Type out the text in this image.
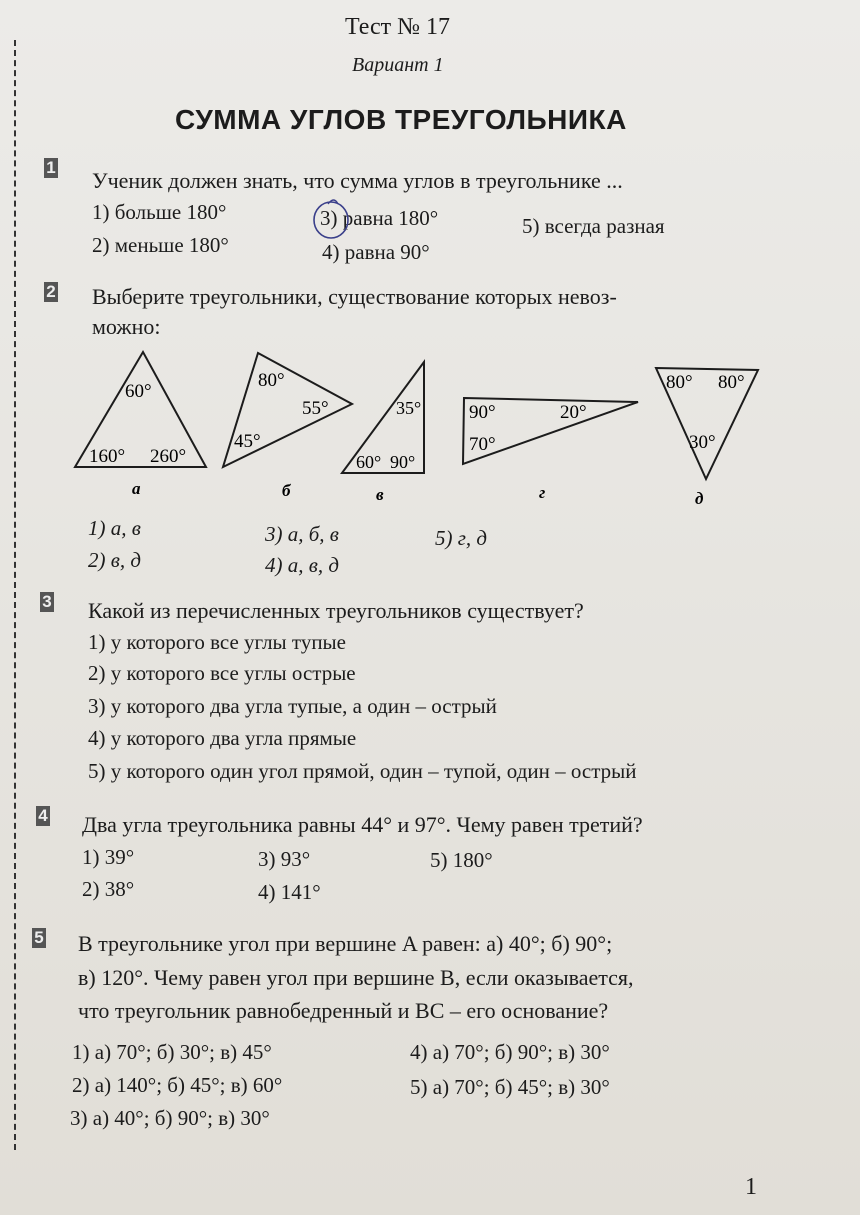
Тест № 17
Вариант 1
СУММА УГЛОВ ТРЕУГОЛЬНИКА
1
Ученик должен знать, что сумма углов в треугольнике ...
1) больше 180°
2) меньше 180°
3) равна 180°
4) равна 90°
5) всегда разная
2 Выберите треугольники, существование которых невоз-
можно:
60°
160° 260°
а
80°
55°
45°
б
35°
60° 90°
в
90°	20°
70°
г
80° 80°
30°
д
1) а, в
2) в, д
3) а, б, в
4) а, в, д
5) г, д
3 Какой из перечисленных треугольников существует?
1) у которого все углы тупые
2) у которого все углы острые
3) у которого два угла тупые, а один – острый
4) у которого два угла прямые
5) у которого один угол прямой, один – тупой, один – острый
4 Два угла треугольника равны 44° и 97°. Чему равен третий?
1) 39°
2) 38°
3) 93°
4) 141°
5) 180°
5 В треугольнике угол при вершине A равен: а) 40°; б) 90°;
в) 120°. Чему равен угол при вершине B, если оказывается,
что треугольник равнобедренный и BC – его основание?
1) а) 70°; б) 30°; в) 45°
2) а) 140°; б) 45°; в) 60°
3) а) 40°; б) 90°; в) 30°
4) а) 70°; б) 90°; в) 30°
5) а) 70°; б) 45°; в) 30°
1
